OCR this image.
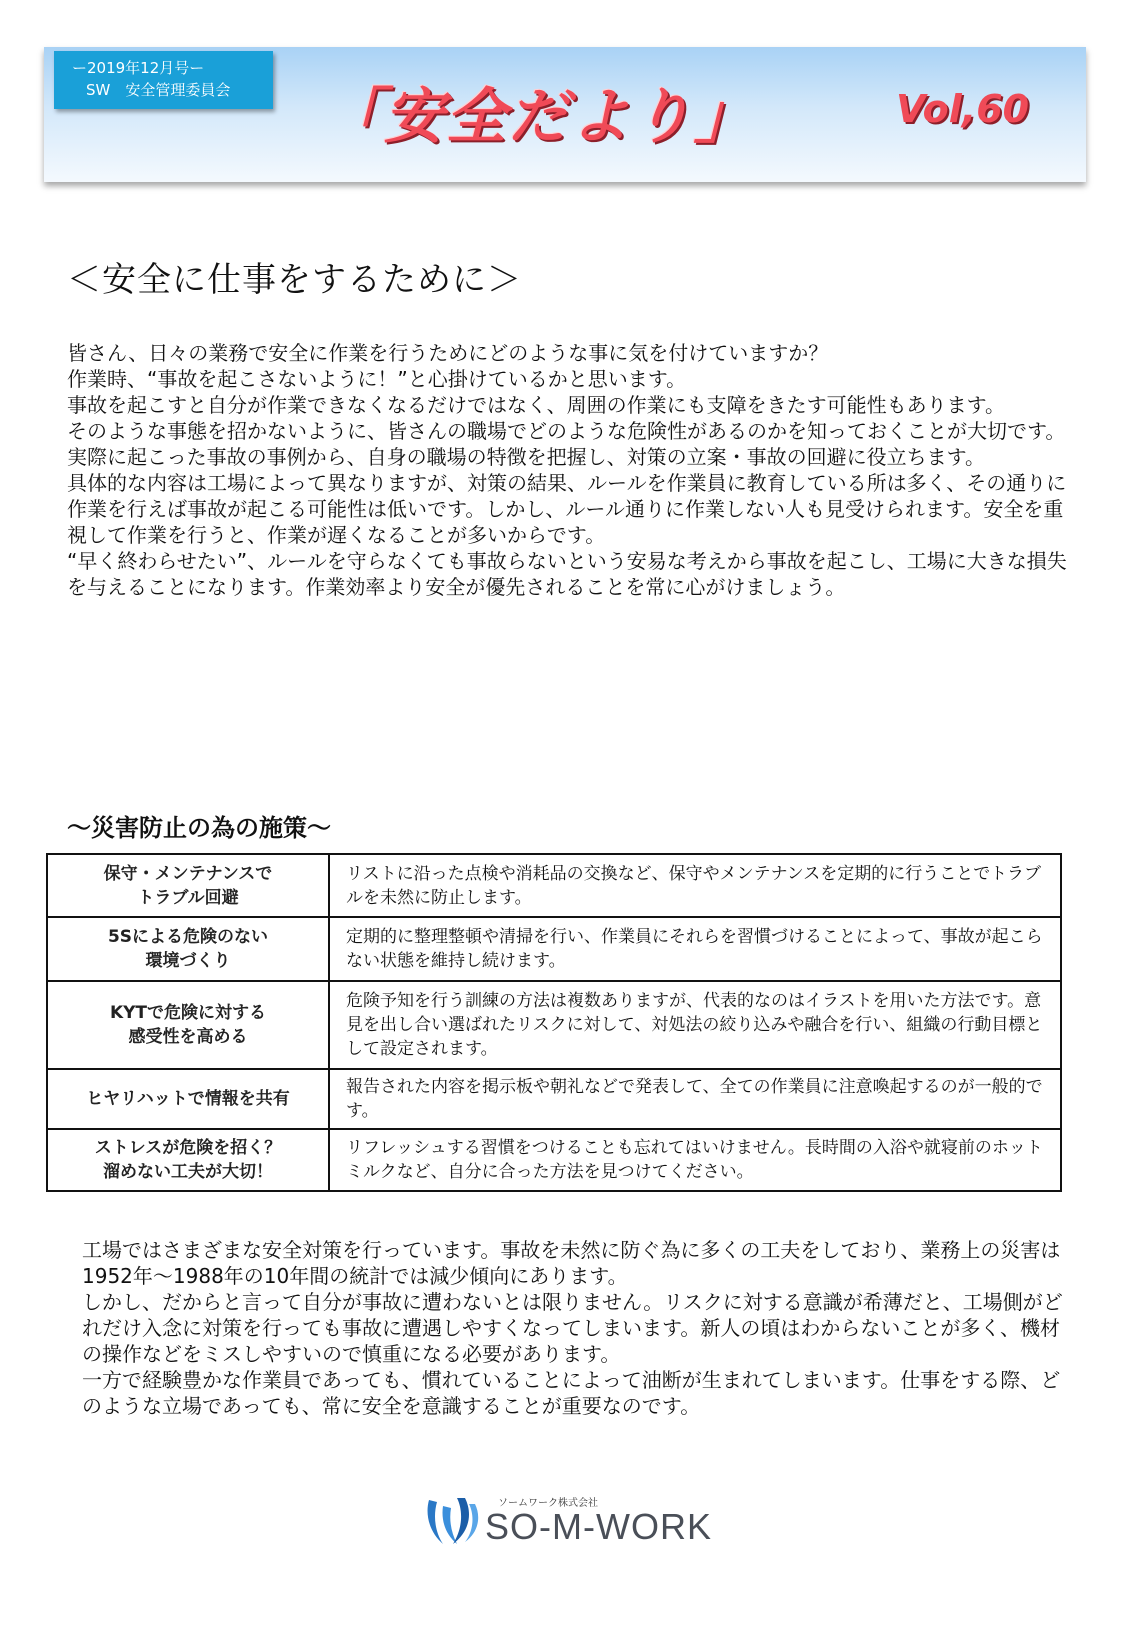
ー2019年12月号ー
SW　安全管理委員会 「安全だより」	Vol,60
＜安全に仕事をするために＞

皆さん、日々の業務で安全に作業を行うためにどのような事に気を付けていますか？

作業時、“事故を起こさないように！”と心掛けているかと思います。

事故を起こすと自分が作業できなくなるだけではなく、周囲の作業にも支障をきたす可能性もあります。

そのような事態を招かないように、皆さんの職場でどのような危険性があるのかを知っておくことが大切です。

実際に起こった事故の事例から、自身の職場の特徴を把握し、対策の立案・事故の回避に役立ちます。

具体的な内容は工場によって異なりますが、対策の結果、ルールを作業員に教育している所は多く、その通りに作業を行えば事故が起こる可能性は低いです。しかし、ルール通りに作業しない人も見受けられます。安全を重視して作業を行うと、作業が遅くなることが多いからです。

“早く終わらせたい”、ルールを守らなくても事故らないという安易な考えから事故を起こし、工場に大きな損失を与えることになります。作業効率より安全が優先されることを常に心がけましょう。

～災害防止の為の施策～
保守・メンテナンスで
トラブル回避	リストに沿った点検や消耗品の交換など、保守やメンテナンスを定期的に行うことでトラブルを未然に防止します。

5Sによる危険のない
環境づくり	定期的に整理整頓や清掃を行い、作業員にそれらを習慣づけることによって、事故が起こらない状態を維持し続けます。

KYTで危険に対する
感受性を高める	危険予知を行う訓練の方法は複数ありますが、代表的なのはイラストを用いた方法です。意見を出し合い選ばれたリスクに対して、対処法の絞り込みや融合を行い、組織の行動目標として設定されます。

ヒヤリハットで情報を共有	報告された内容を掲示板や朝礼などで発表して、全ての作業員に注意喚起するのが一般的です。

ストレスが危険を招く？
溜めない工夫が大切！	リフレッシュする習慣をつけることも忘れてはいけません。長時間の入浴や就寝前のホットミルクなど、自分に合った方法を見つけてください。

工場ではさまざまな安全対策を行っています。事故を未然に防ぐ為に多くの工夫をしており、業務上の災害は1952年～1988年の10年間の統計では減少傾向にあります。

しかし、だからと言って自分が事故に遭わないとは限りません。リスクに対する意識が希薄だと、工場側がどれだけ入念に対策を行っても事故に遭遇しやすくなってしまいます。新人の頃はわからないことが多く、機材の操作などをミスしやすいので慎重になる必要があります。

一方で経験豊かな作業員であっても、慣れていることによって油断が生まれてしまいます。仕事をする際、どのような立場であっても、常に安全を意識することが重要なのです。

ソームワーク株式会社
SO-M-WORK
